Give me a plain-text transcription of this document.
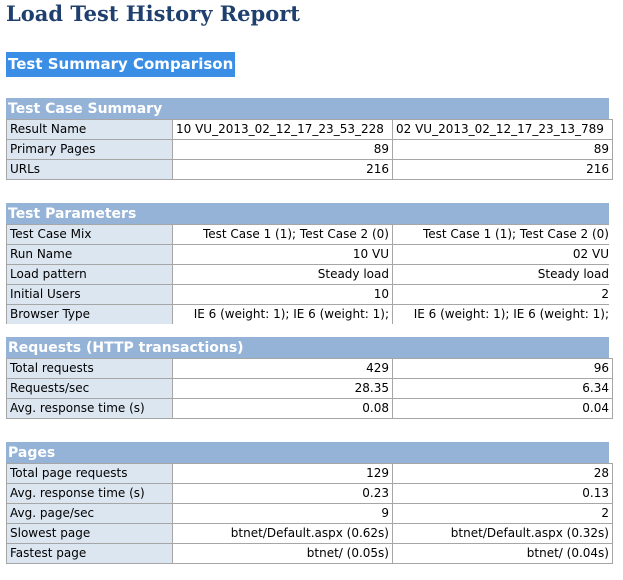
Load Test History Report
Test Summary Comparison
Test Case Summary
Result Name	10 VU_2013_02_12_17_23_53_228	02 VU_2013_02_12_17_23_13_789
Primary Pages	89	89
URLs	216	216
Test Parameters
Test Case Mix	Test Case 1 (1); Test Case 2 (0)	Test Case 1 (1); Test Case 2 (0)
Run Name	10 VU	02 VU
Load pattern	Steady load	Steady load
Initial Users	10	2
Browser Type	IE 6 (weight: 1); IE 6 (weight: 1);	IE 6 (weight: 1); IE 6 (weight: 1);
Requests (HTTP transactions)
Total requests	429	96
Requests/sec	28.35	6.34
Avg. response time (s)	0.08	0.04
Pages
Total page requests	129	28
Avg. response time (s)	0.23	0.13
Avg. page/sec	9	2
Slowest page	btnet/Default.aspx (0.62s)	btnet/Default.aspx (0.32s)
Fastest page	btnet/ (0.05s)	btnet/ (0.04s)
